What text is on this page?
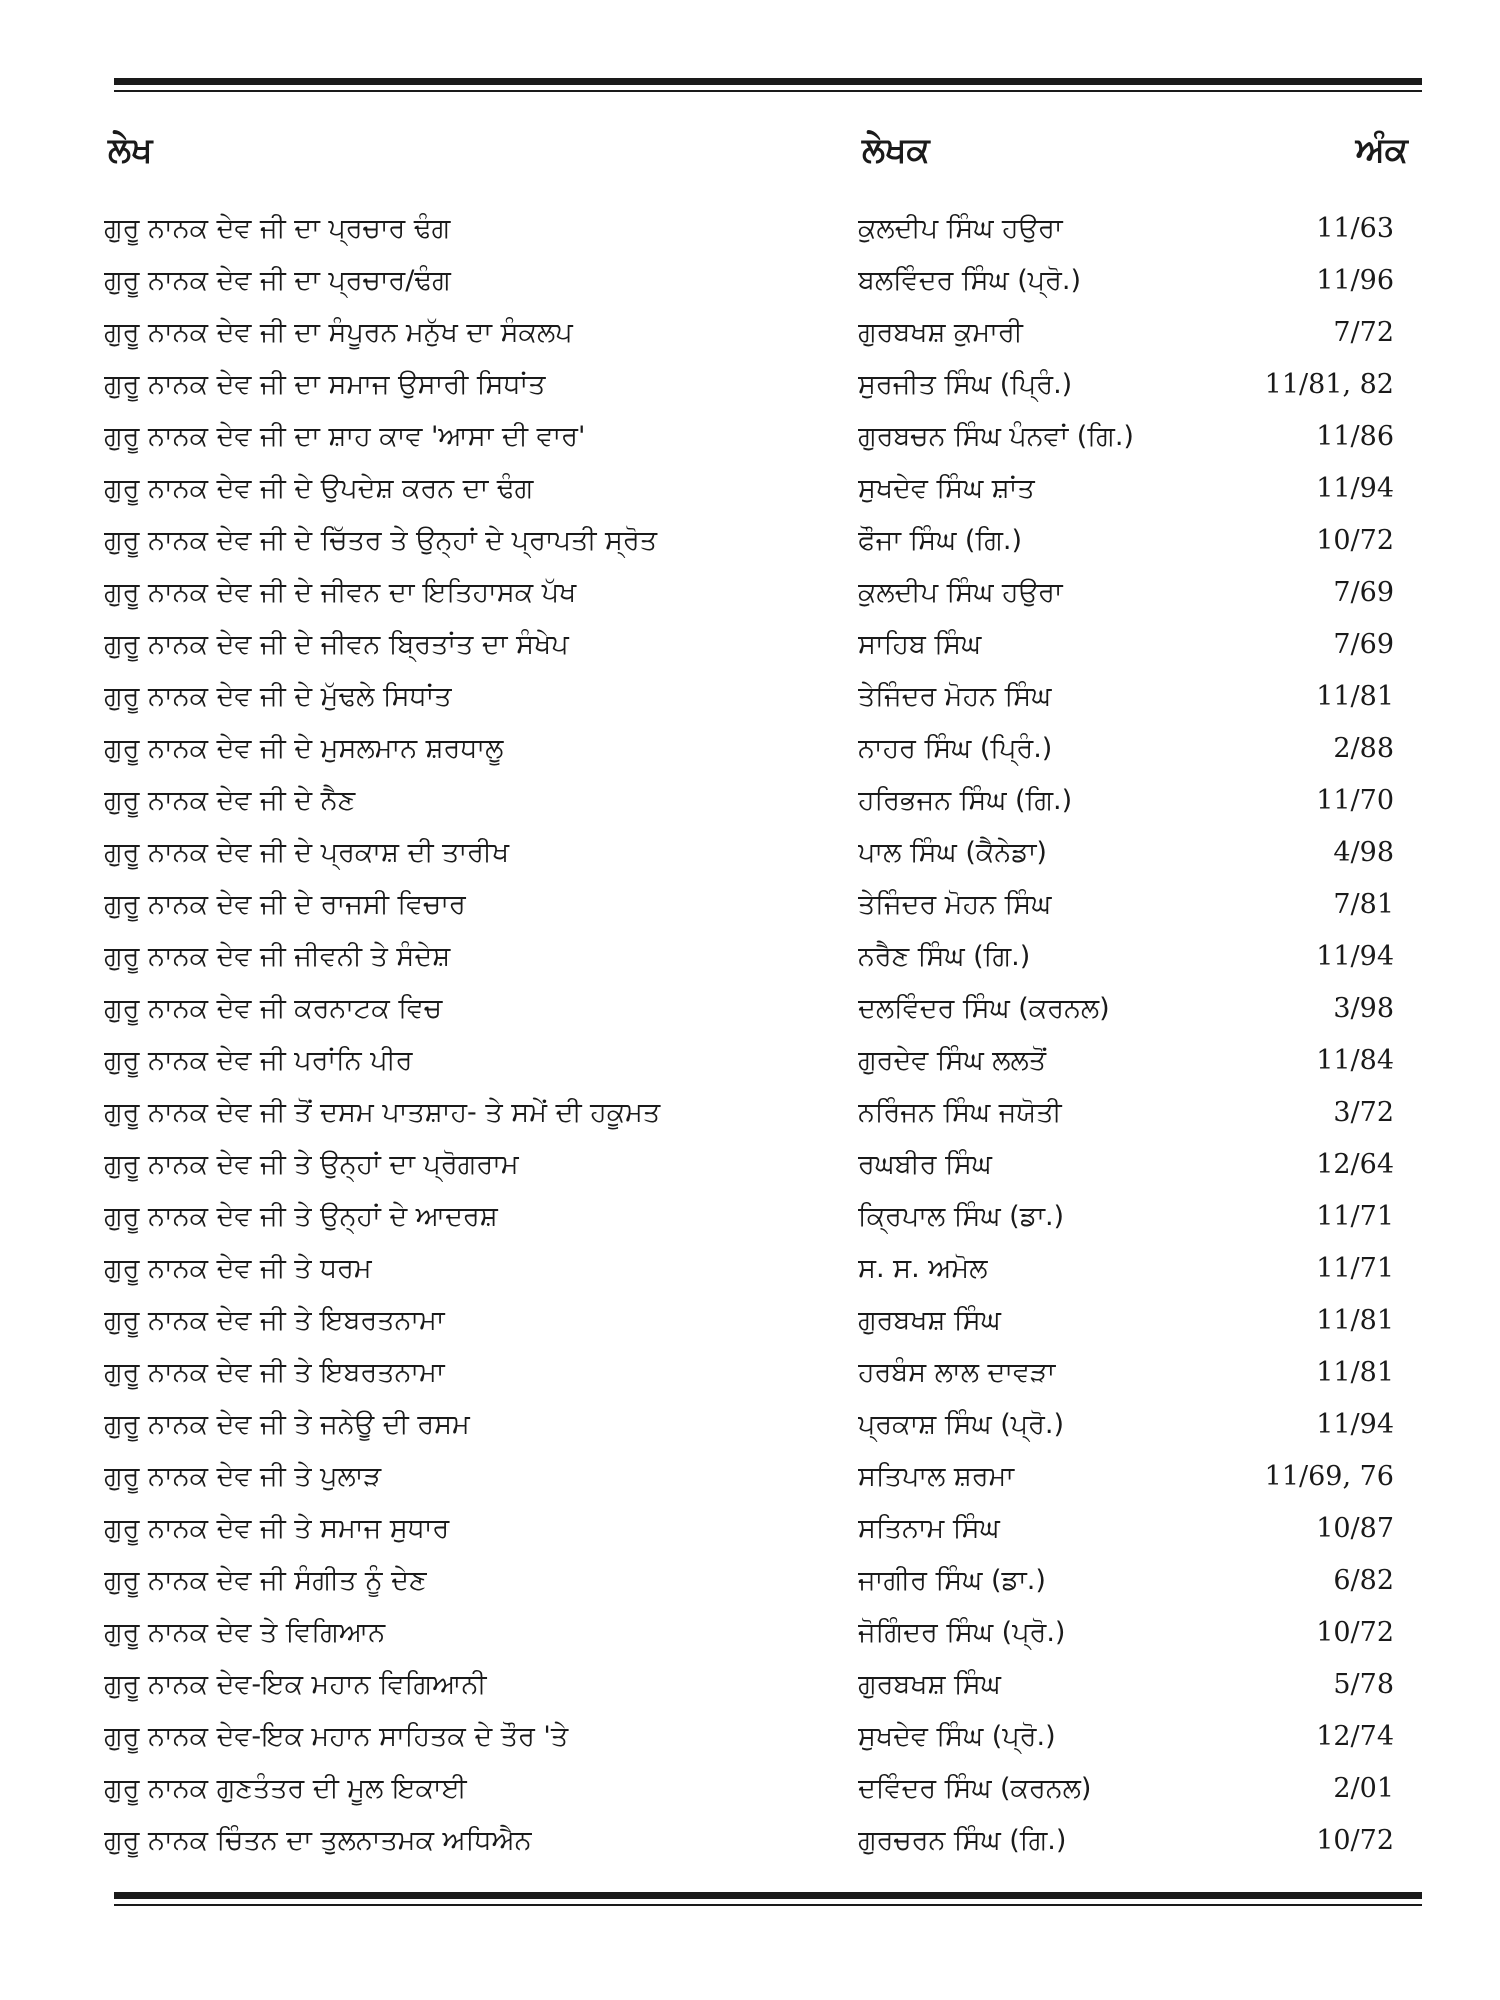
ਲੇਖ	ਲੇਖਕ	ਅੰਕ
ਗੁਰੂ ਨਾਨਕ ਦੇਵ ਜੀ ਦਾ ਪ੍ਰਚਾਰ ਢੰਗ	ਕੁਲਦੀਪ ਸਿੰਘ ਹਉਰਾ	11/63
ਗੁਰੂ ਨਾਨਕ ਦੇਵ ਜੀ ਦਾ ਪ੍ਰਚਾਰ/ਢੰਗ	ਬਲਵਿੰਦਰ ਸਿੰਘ (ਪ੍ਰੋ.)	11/96
ਗੁਰੂ ਨਾਨਕ ਦੇਵ ਜੀ ਦਾ ਸੰਪੂਰਨ ਮਨੁੱਖ ਦਾ ਸੰਕਲਪ	ਗੁਰਬਖਸ਼ ਕੁਮਾਰੀ	7/72
ਗੁਰੂ ਨਾਨਕ ਦੇਵ ਜੀ ਦਾ ਸਮਾਜ ਉਸਾਰੀ ਸਿਧਾਂਤ	ਸੁਰਜੀਤ ਸਿੰਘ (ਪ੍ਰਿੰ.)	11/81, 82
ਗੁਰੂ ਨਾਨਕ ਦੇਵ ਜੀ ਦਾ ਸ਼ਾਹ ਕਾਵ 'ਆਸਾ ਦੀ ਵਾਰ'	ਗੁਰਬਚਨ ਸਿੰਘ ਪੰਨਵਾਂ (ਗਿ.)	11/86
ਗੁਰੂ ਨਾਨਕ ਦੇਵ ਜੀ ਦੇ ਉਪਦੇਸ਼ ਕਰਨ ਦਾ ਢੰਗ	ਸੁਖਦੇਵ ਸਿੰਘ ਸ਼ਾਂਤ	11/94
ਗੁਰੂ ਨਾਨਕ ਦੇਵ ਜੀ ਦੇ ਚਿੱਤਰ ਤੇ ਉਨ੍ਹਾਂ ਦੇ ਪ੍ਰਾਪਤੀ ਸ੍ਰੋਤ	ਫੌਜਾ ਸਿੰਘ (ਗਿ.)	10/72
ਗੁਰੂ ਨਾਨਕ ਦੇਵ ਜੀ ਦੇ ਜੀਵਨ ਦਾ ਇਤਿਹਾਸਕ ਪੱਖ	ਕੁਲਦੀਪ ਸਿੰਘ ਹਉਰਾ	7/69
ਗੁਰੂ ਨਾਨਕ ਦੇਵ ਜੀ ਦੇ ਜੀਵਨ ਬ੍ਰਿਤਾਂਤ ਦਾ ਸੰਖੇਪ	ਸਾਹਿਬ ਸਿੰਘ	7/69
ਗੁਰੂ ਨਾਨਕ ਦੇਵ ਜੀ ਦੇ ਮੁੱਢਲੇ ਸਿਧਾਂਤ	ਤੇਜਿੰਦਰ ਮੋਹਨ ਸਿੰਘ	11/81
ਗੁਰੂ ਨਾਨਕ ਦੇਵ ਜੀ ਦੇ ਮੁਸਲਮਾਨ ਸ਼ਰਧਾਲੂ	ਨਾਹਰ ਸਿੰਘ (ਪ੍ਰਿੰ.)	2/88
ਗੁਰੂ ਨਾਨਕ ਦੇਵ ਜੀ ਦੇ ਨੈਣ	ਹਰਿਭਜਨ ਸਿੰਘ (ਗਿ.)	11/70
ਗੁਰੂ ਨਾਨਕ ਦੇਵ ਜੀ ਦੇ ਪ੍ਰਕਾਸ਼ ਦੀ ਤਾਰੀਖ	ਪਾਲ ਸਿੰਘ (ਕੈਨੇਡਾ)	4/98
ਗੁਰੂ ਨਾਨਕ ਦੇਵ ਜੀ ਦੇ ਰਾਜਸੀ ਵਿਚਾਰ	ਤੇਜਿੰਦਰ ਮੋਹਨ ਸਿੰਘ	7/81
ਗੁਰੂ ਨਾਨਕ ਦੇਵ ਜੀ ਜੀਵਨੀ ਤੇ ਸੰਦੇਸ਼	ਨਰੈਣ ਸਿੰਘ (ਗਿ.)	11/94
ਗੁਰੂ ਨਾਨਕ ਦੇਵ ਜੀ ਕਰਨਾਟਕ ਵਿਚ	ਦਲਵਿੰਦਰ ਸਿੰਘ (ਕਰਨਲ)	3/98
ਗੁਰੂ ਨਾਨਕ ਦੇਵ ਜੀ ਪਰਾਂਨਿ ਪੀਰ	ਗੁਰਦੇਵ ਸਿੰਘ ਲਲਤੋਂ	11/84
ਗੁਰੂ ਨਾਨਕ ਦੇਵ ਜੀ ਤੋਂ ਦਸਮ ਪਾਤਸ਼ਾਹ- ਤੇ ਸਮੇਂ ਦੀ ਹਕੂਮਤ	ਨਰਿੰਜਨ ਸਿੰਘ ਜਯੋਤੀ	3/72
ਗੁਰੂ ਨਾਨਕ ਦੇਵ ਜੀ ਤੇ ਉਨ੍ਹਾਂ ਦਾ ਪ੍ਰੋਗਰਾਮ	ਰਘਬੀਰ ਸਿੰਘ	12/64
ਗੁਰੂ ਨਾਨਕ ਦੇਵ ਜੀ ਤੇ ਉਨ੍ਹਾਂ ਦੇ ਆਦਰਸ਼	ਕ੍ਰਿਪਾਲ ਸਿੰਘ (ਡਾ.)	11/71
ਗੁਰੂ ਨਾਨਕ ਦੇਵ ਜੀ ਤੇ ਧਰਮ	ਸ. ਸ. ਅਮੋਲ	11/71
ਗੁਰੂ ਨਾਨਕ ਦੇਵ ਜੀ ਤੇ ਇਬਰਤਨਾਮਾ	ਗੁਰਬਖਸ਼ ਸਿੰਘ	11/81
ਗੁਰੂ ਨਾਨਕ ਦੇਵ ਜੀ ਤੇ ਇਬਰਤਨਾਮਾ	ਹਰਬੰਸ ਲਾਲ ਦਾਵੜਾ	11/81
ਗੁਰੂ ਨਾਨਕ ਦੇਵ ਜੀ ਤੇ ਜਨੇਊ ਦੀ ਰਸਮ	ਪ੍ਰਕਾਸ਼ ਸਿੰਘ (ਪ੍ਰੋ.)	11/94
ਗੁਰੂ ਨਾਨਕ ਦੇਵ ਜੀ ਤੇ ਪੁਲਾੜ	ਸਤਿਪਾਲ ਸ਼ਰਮਾ	11/69, 76
ਗੁਰੂ ਨਾਨਕ ਦੇਵ ਜੀ ਤੇ ਸਮਾਜ ਸੁਧਾਰ	ਸਤਿਨਾਮ ਸਿੰਘ	10/87
ਗੁਰੂ ਨਾਨਕ ਦੇਵ ਜੀ ਸੰਗੀਤ ਨੂੰ ਦੇਣ	ਜਾਗੀਰ ਸਿੰਘ (ਡਾ.)	6/82
ਗੁਰੂ ਨਾਨਕ ਦੇਵ ਤੇ ਵਿਗਿਆਨ	ਜੋਗਿੰਦਰ ਸਿੰਘ (ਪ੍ਰੋ.)	10/72
ਗੁਰੂ ਨਾਨਕ ਦੇਵ-ਇਕ ਮਹਾਨ ਵਿਗਿਆਨੀ	ਗੁਰਬਖਸ਼ ਸਿੰਘ	5/78
ਗੁਰੂ ਨਾਨਕ ਦੇਵ-ਇਕ ਮਹਾਨ ਸਾਹਿਤਕ ਦੇ ਤੌਰ 'ਤੇ	ਸੁਖਦੇਵ ਸਿੰਘ (ਪ੍ਰੋ.)	12/74
ਗੁਰੂ ਨਾਨਕ ਗੁਣਤੰਤਰ ਦੀ ਮੂਲ ਇਕਾਈ	ਦਵਿੰਦਰ ਸਿੰਘ (ਕਰਨਲ)	2/01
ਗੁਰੂ ਨਾਨਕ ਚਿੰਤਨ ਦਾ ਤੁਲਨਾਤਮਕ ਅਧਿਐਨ	ਗੁਰਚਰਨ ਸਿੰਘ (ਗਿ.)	10/72
